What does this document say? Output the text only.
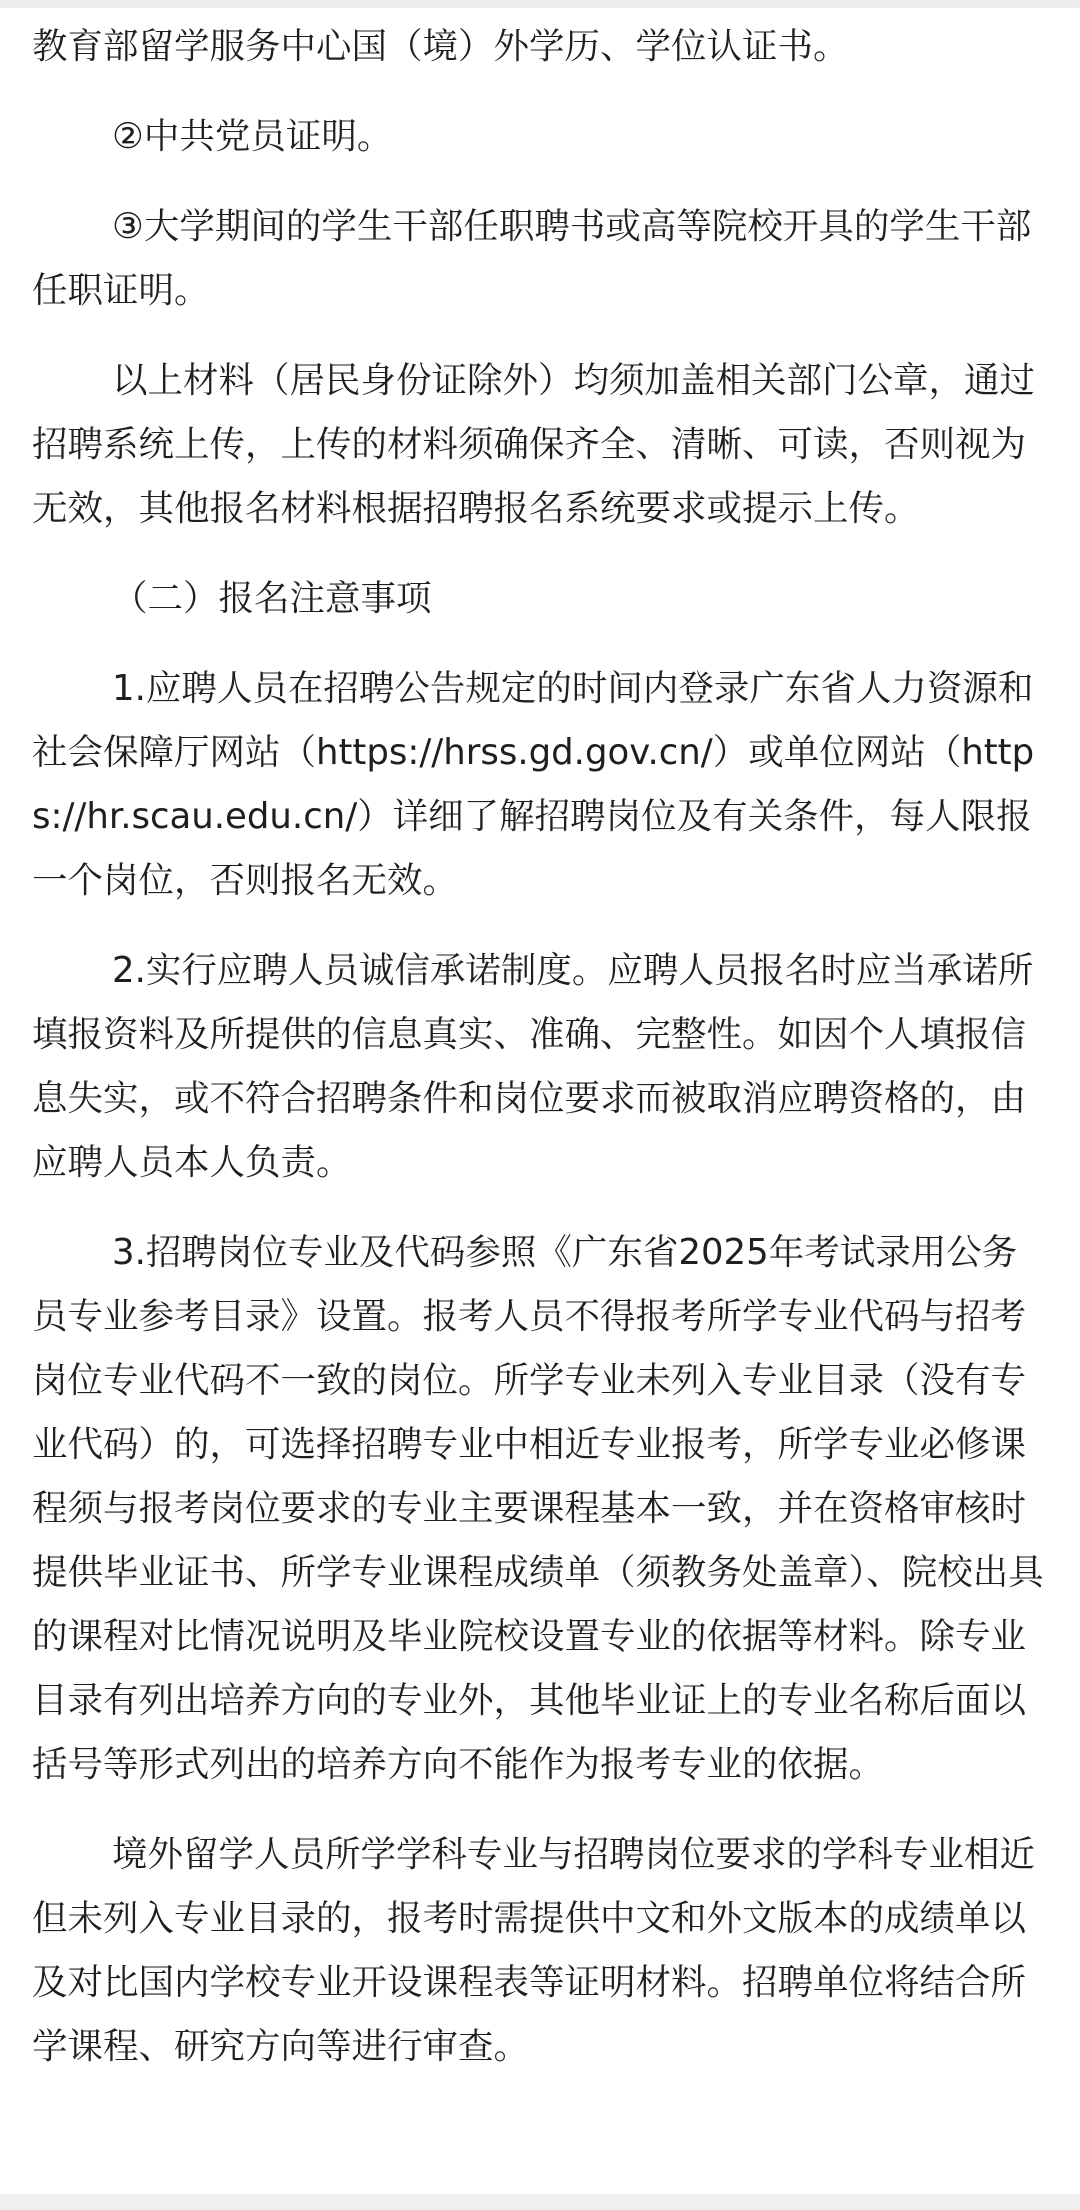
教育部留学服务中心国（境）外学历、学位认证书。

②中共党员证明。

③大学期间的学生干部任职聘书或高等院校开具的学生干部任职证明。

以上材料（居民身份证除外）均须加盖相关部门公章，通过招聘系统上传，上传的材料须确保齐全、清晰、可读，否则视为无效，其他报名材料根据招聘报名系统要求或提示上传。

（二）报名注意事项

1.应聘人员在招聘公告规定的时间内登录广东省人力资源和社会保障厅网站（https://hrss.gd.gov.cn/）或单位网站（https://hr.scau.edu.cn/）详细了解招聘岗位及有关条件，每人限报一个岗位，否则报名无效。

2.实行应聘人员诚信承诺制度。应聘人员报名时应当承诺所填报资料及所提供的信息真实、准确、完整性。如因个人填报信息失实，或不符合招聘条件和岗位要求而被取消应聘资格的，由应聘人员本人负责。

3.招聘岗位专业及代码参照《广东省2025年考试录用公务员专业参考目录》设置。报考人员不得报考所学专业代码与招考岗位专业代码不一致的岗位。所学专业未列入专业目录（没有专业代码）的，可选择招聘专业中相近专业报考，所学专业必修课程须与报考岗位要求的专业主要课程基本一致，并在资格审核时提供毕业证书、所学专业课程成绩单（须教务处盖章）、院校出具的课程对比情况说明及毕业院校设置专业的依据等材料。除专业目录有列出培养方向的专业外，其他毕业证上的专业名称后面以括号等形式列出的培养方向不能作为报考专业的依据。

境外留学人员所学学科专业与招聘岗位要求的学科专业相近但未列入专业目录的，报考时需提供中文和外文版本的成绩单以及对比国内学校专业开设课程表等证明材料。招聘单位将结合所学课程、研究方向等进行审查。
